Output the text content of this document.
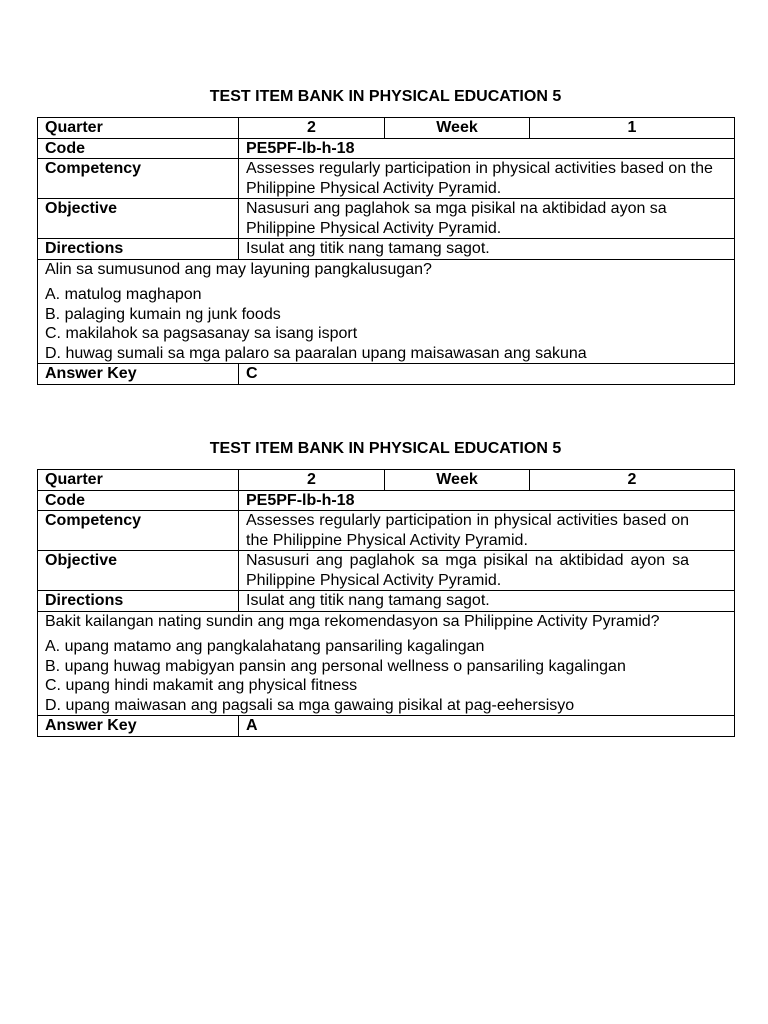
TEST ITEM BANK IN PHYSICAL EDUCATION 5
Quarter	2	Week	1
Code	PE5PF-lb-h-18		
Competency	Assesses regularly participation in physical activities based on the Philippine Physical Activity Pyramid.		
Objective	Nasusuri ang paglahok sa mga pisikal na aktibidad ayon sa Philippine Physical Activity Pyramid.		
Directions	Isulat ang titik nang tamang sagot.		

Alin sa sumusunod ang may layuning pangkalusugan?

A. matulog maghapon

B. palaging kumain ng junk foods

C. makilahok sa pagsasanay sa isang isport

D. huwag sumali sa mga palaro sa paaralan upang maisawasan ang sakuna			

Answer Key	C		
TEST ITEM BANK IN PHYSICAL EDUCATION 5
Quarter	2	Week	2
Code	PE5PF-lb-h-18		
Competency	Assesses regularly participation in physical activities based on the Philippine Physical Activity Pyramid.		
Objective	Nasusuri ang paglahok sa mga pisikal na aktibidad ayon sa Philippine Physical Activity Pyramid.		
Directions	Isulat ang titik nang tamang sagot.		

Bakit kailangan nating sundin ang mga rekomendasyon sa Philippine Activity Pyramid?

A. upang matamo ang pangkalahatang pansariling kagalingan

B. upang huwag mabigyan pansin ang personal wellness o pansariling kagalingan

C. upang hindi makamit ang physical fitness

D. upang maiwasan ang pagsali sa mga gawaing pisikal at pag-eehersisyo			

Answer Key	A		
